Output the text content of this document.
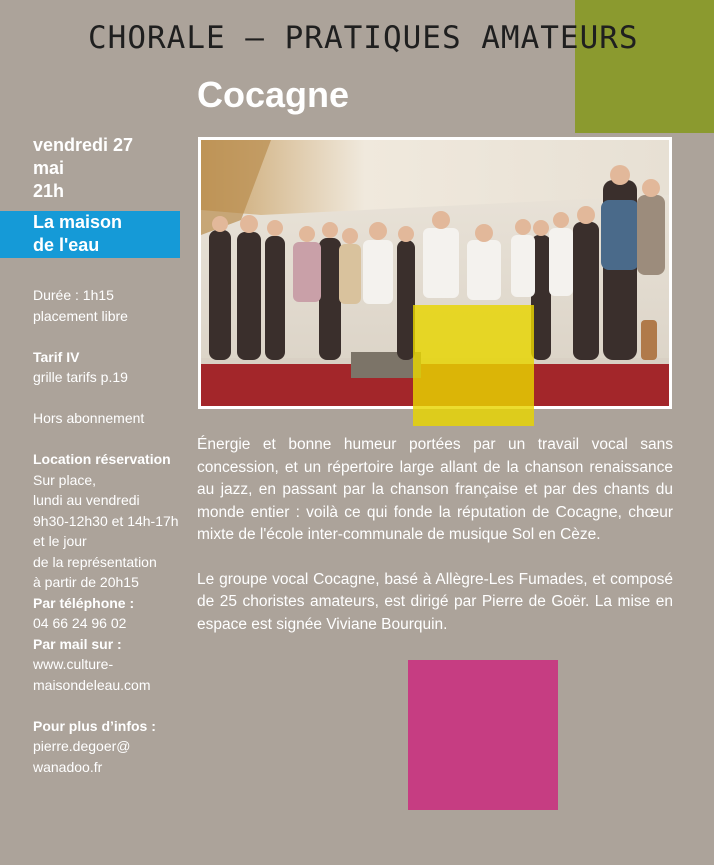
CHORALE – PRATIQUES AMATEURS
Cocagne
vendredi 27
mai
21h
La maison
de l'eau
Durée : 1h15
placement libre
Tarif IV
grille tarifs p.19
Hors abonnement
Location réservation
Sur place,
lundi au vendredi
9h30-12h30 et 14h-17h
et le jour
de la représentation
à partir de 20h15
Par téléphone :
04 66 24 96 02
Par mail sur :
www.culture-
maisondeleau.com
Pour plus d’infos :
pierre.degoer@
wanadoo.fr

Énergie et bonne humeur portées par un travail vocal sans concession, et un répertoire large allant de la chanson renaissance au jazz, en passant par la chanson française et par des chants du monde entier : voilà ce qui fonde la réputation de Cocagne, chœur mixte de l'école inter-communale de musique Sol en Cèze.

Le groupe vocal Cocagne, basé à Allègre-Les Fumades, et composé de 25 choristes amateurs, est dirigé par Pierre de Goër. La mise en espace est signée Viviane Bourquin.
